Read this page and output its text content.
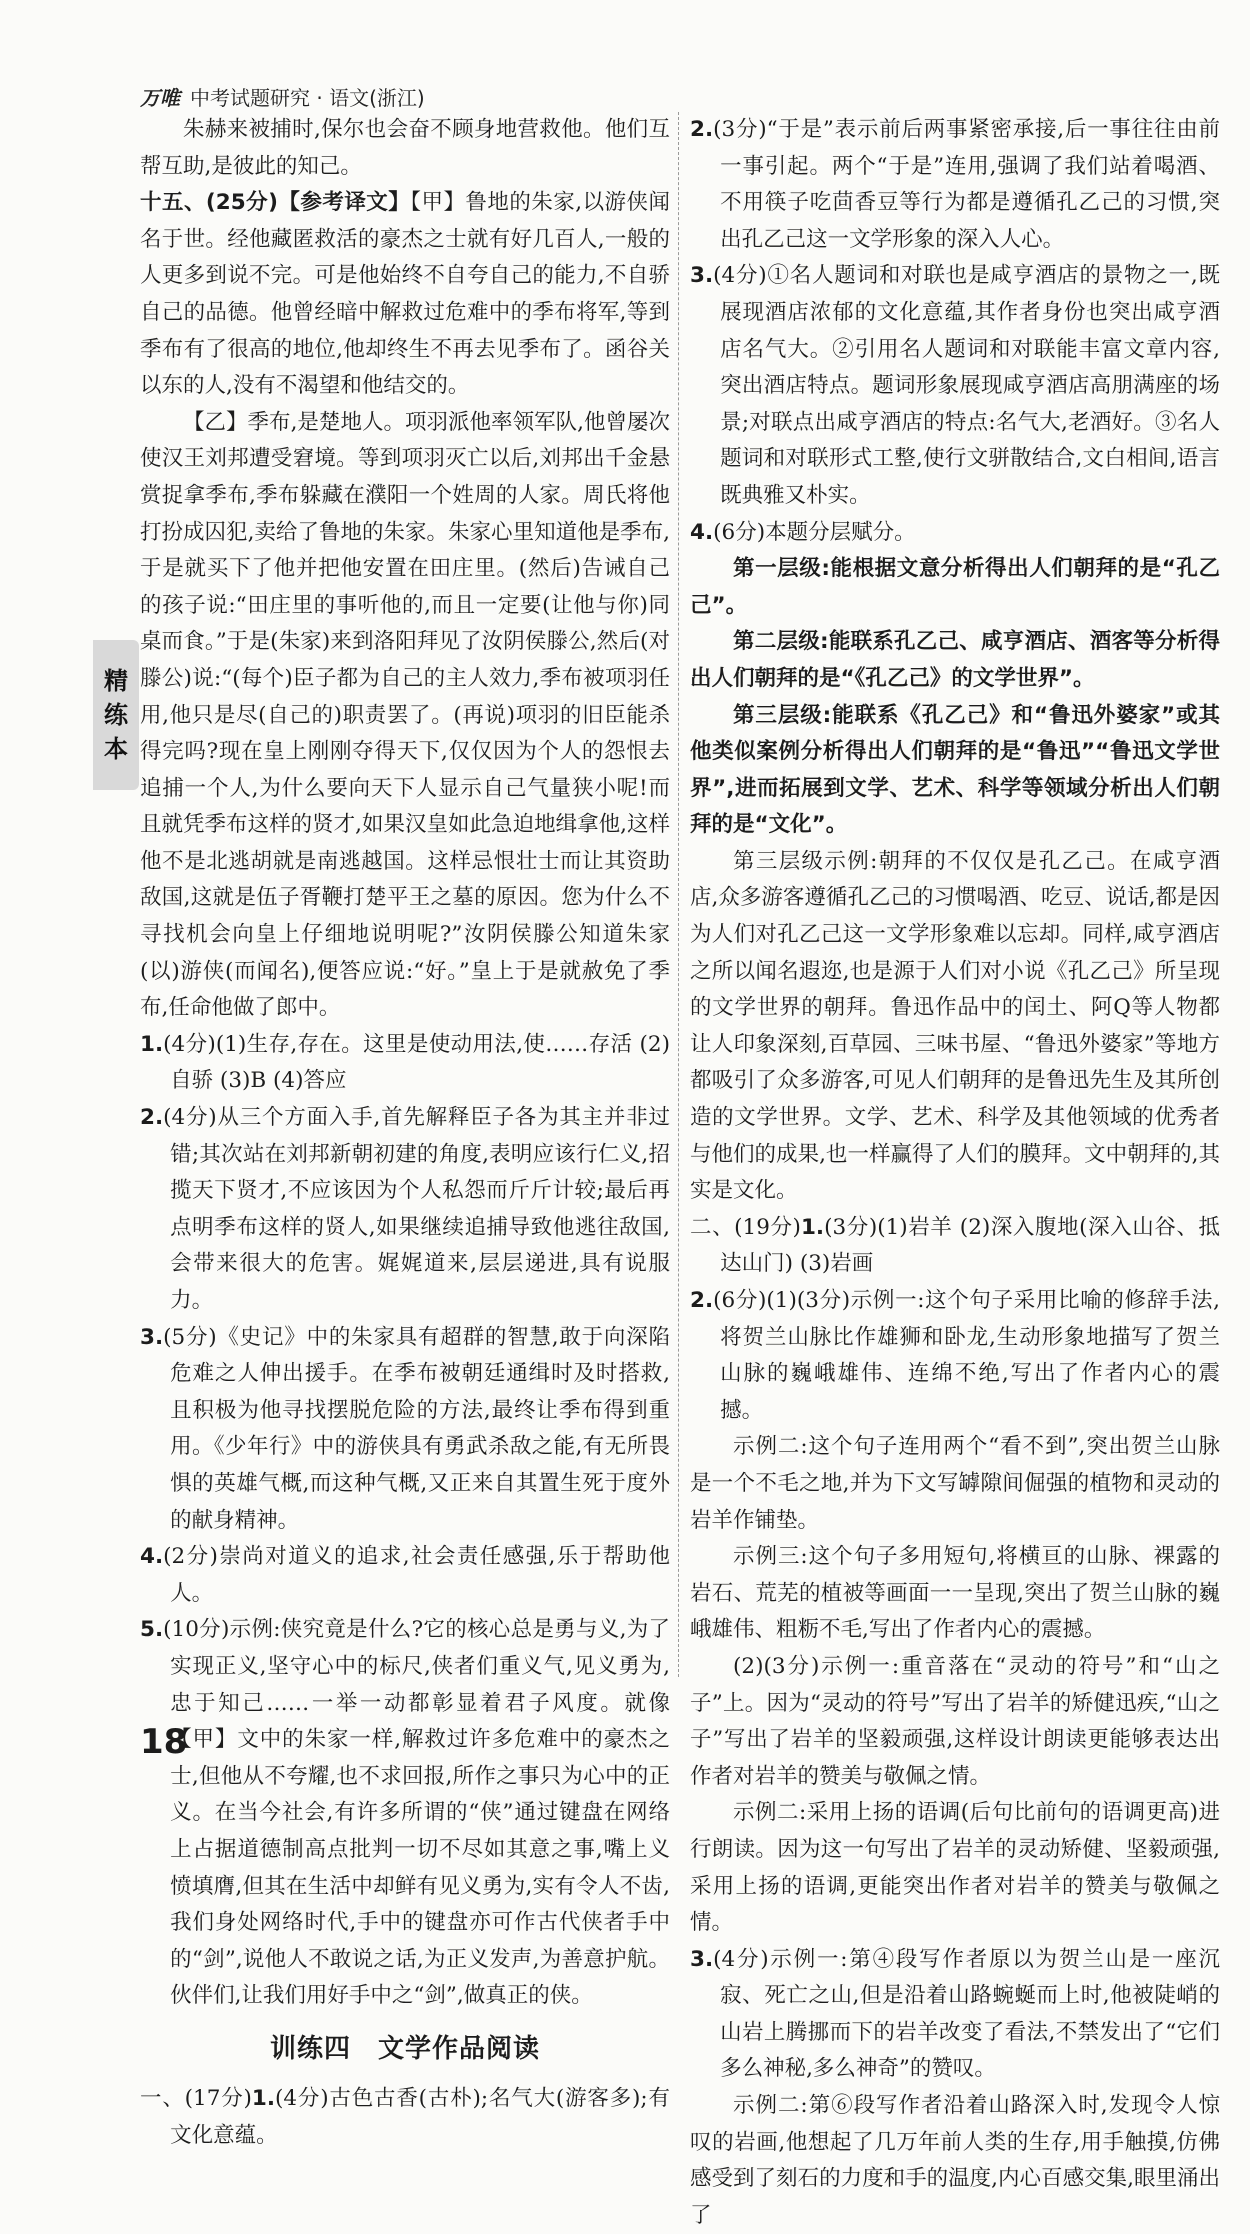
万唯 中考试题研究 · 语文(浙江)
精
练
本

朱赫来被捕时,保尔也会奋不顾身地营救他。他们互帮互助,是彼此的知己。

十五、(25分)【参考译文】【甲】鲁地的朱家,以游侠闻名于世。经他藏匿救活的豪杰之士就有好几百人,一般的人更多到说不完。可是他始终不自夸自己的能力,不自骄自己的品德。他曾经暗中解救过危难中的季布将军,等到季布有了很高的地位,他却终生不再去见季布了。函谷关以东的人,没有不渴望和他结交的。

【乙】季布,是楚地人。项羽派他率领军队,他曾屡次使汉王刘邦遭受窘境。等到项羽灭亡以后,刘邦出千金悬赏捉拿季布,季布躲藏在濮阳一个姓周的人家。周氏将他打扮成囚犯,卖给了鲁地的朱家。朱家心里知道他是季布,于是就买下了他并把他安置在田庄里。(然后)告诫自己的孩子说:“田庄里的事听他的,而且一定要(让他与你)同桌而食。”于是(朱家)来到洛阳拜见了汝阴侯滕公,然后(对滕公)说:“(每个)臣子都为自己的主人效力,季布被项羽任用,他只是尽(自己的)职责罢了。(再说)项羽的旧臣能杀得完吗?现在皇上刚刚夺得天下,仅仅因为个人的怨恨去追捕一个人,为什么要向天下人显示自己气量狭小呢!而且就凭季布这样的贤才,如果汉皇如此急迫地缉拿他,这样他不是北逃胡就是南逃越国。这样忌恨壮士而让其资助敌国,这就是伍子胥鞭打楚平王之墓的原因。您为什么不寻找机会向皇上仔细地说明呢?”汝阴侯滕公知道朱家(以)游侠(而闻名),便答应说:“好。”皇上于是就赦免了季布,任命他做了郎中。

1.(4分)(1)生存,存在。这里是使动用法,使……存活 (2)自骄 (3)B (4)答应

2.(4分)从三个方面入手,首先解释臣子各为其主并非过错;其次站在刘邦新朝初建的角度,表明应该行仁义,招揽天下贤才,不应该因为个人私怨而斤斤计较;最后再点明季布这样的贤人,如果继续追捕导致他逃往敌国,会带来很大的危害。娓娓道来,层层递进,具有说服力。

3.(5分)《史记》中的朱家具有超群的智慧,敢于向深陷危难之人伸出援手。在季布被朝廷通缉时及时搭救,且积极为他寻找摆脱危险的方法,最终让季布得到重用。《少年行》中的游侠具有勇武杀敌之能,有无所畏惧的英雄气概,而这种气概,又正来自其置生死于度外的献身精神。

4.(2分)崇尚对道义的追求,社会责任感强,乐于帮助他人。

5.(10分)示例:侠究竟是什么?它的核心总是勇与义,为了实现正义,坚守心中的标尺,侠者们重义气,见义勇为,忠于知己……一举一动都彰显着君子风度。就像【甲】文中的朱家一样,解救过许多危难中的豪杰之士,但他从不夸耀,也不求回报,所作之事只为心中的正义。在当今社会,有许多所谓的“侠”通过键盘在网络上占据道德制高点批判一切不尽如其意之事,嘴上义愤填膺,但其在生活中却鲜有见义勇为,实有令人不齿,我们身处网络时代,手中的键盘亦可作古代侠者手中的“剑”,说他人不敢说之话,为正义发声,为善意护航。伙伴们,让我们用好手中之“剑”,做真正的侠。

训练四　文学作品阅读

一、(17分)1.(4分)古色古香(古朴);名气大(游客多);有文化意蕴。

2.(3分)“于是”表示前后两事紧密承接,后一事往往由前一事引起。两个“于是”连用,强调了我们站着喝酒、不用筷子吃茴香豆等行为都是遵循孔乙己的习惯,突出孔乙己这一文学形象的深入人心。

3.(4分)①名人题词和对联也是咸亨酒店的景物之一,既展现酒店浓郁的文化意蕴,其作者身份也突出咸亨酒店名气大。②引用名人题词和对联能丰富文章内容,突出酒店特点。题词形象展现咸亨酒店高朋满座的场景;对联点出咸亨酒店的特点:名气大,老酒好。③名人题词和对联形式工整,使行文骈散结合,文白相间,语言既典雅又朴实。

4.(6分)本题分层赋分。

第一层级:能根据文意分析得出人们朝拜的是“孔乙己”。

第二层级:能联系孔乙己、咸亨酒店、酒客等分析得出人们朝拜的是“《孔乙己》的文学世界”。

第三层级:能联系《孔乙己》和“鲁迅外婆家”或其他类似案例分析得出人们朝拜的是“鲁迅”“鲁迅文学世界”,进而拓展到文学、艺术、科学等领域分析出人们朝拜的是“文化”。

第三层级示例:朝拜的不仅仅是孔乙己。在咸亨酒店,众多游客遵循孔乙己的习惯喝酒、吃豆、说话,都是因为人们对孔乙己这一文学形象难以忘却。同样,咸亨酒店之所以闻名遐迩,也是源于人们对小说《孔乙己》所呈现的文学世界的朝拜。鲁迅作品中的闰土、阿Q等人物都让人印象深刻,百草园、三味书屋、“鲁迅外婆家”等地方都吸引了众多游客,可见人们朝拜的是鲁迅先生及其所创造的文学世界。文学、艺术、科学及其他领域的优秀者与他们的成果,也一样赢得了人们的膜拜。文中朝拜的,其实是文化。

二、(19分)1.(3分)(1)岩羊 (2)深入腹地(深入山谷、抵达山门) (3)岩画

2.(6分)(1)(3分)示例一:这个句子采用比喻的修辞手法,将贺兰山脉比作雄狮和卧龙,生动形象地描写了贺兰山脉的巍峨雄伟、连绵不绝,写出了作者内心的震撼。

示例二:这个句子连用两个“看不到”,突出贺兰山脉是一个不毛之地,并为下文写罅隙间倔强的植物和灵动的岩羊作铺垫。

示例三:这个句子多用短句,将横亘的山脉、裸露的岩石、荒芜的植被等画面一一呈现,突出了贺兰山脉的巍峨雄伟、粗粝不毛,写出了作者内心的震撼。

(2)(3分)示例一:重音落在“灵动的符号”和“山之子”上。因为“灵动的符号”写出了岩羊的矫健迅疾,“山之子”写出了岩羊的坚毅顽强,这样设计朗读更能够表达出作者对岩羊的赞美与敬佩之情。

示例二:采用上扬的语调(后句比前句的语调更高)进行朗读。因为这一句写出了岩羊的灵动矫健、坚毅顽强,采用上扬的语调,更能突出作者对岩羊的赞美与敬佩之情。

3.(4分)示例一:第④段写作者原以为贺兰山是一座沉寂、死亡之山,但是沿着山路蜿蜒而上时,他被陡峭的山岩上腾挪而下的岩羊改变了看法,不禁发出了“它们多么神秘,多么神奇”的赞叹。

示例二:第⑥段写作者沿着山路深入时,发现令人惊叹的岩画,他想起了几万年前人类的生存,用手触摸,仿佛感受到了刻石的力度和手的温度,内心百感交集,眼里涌出了

18
